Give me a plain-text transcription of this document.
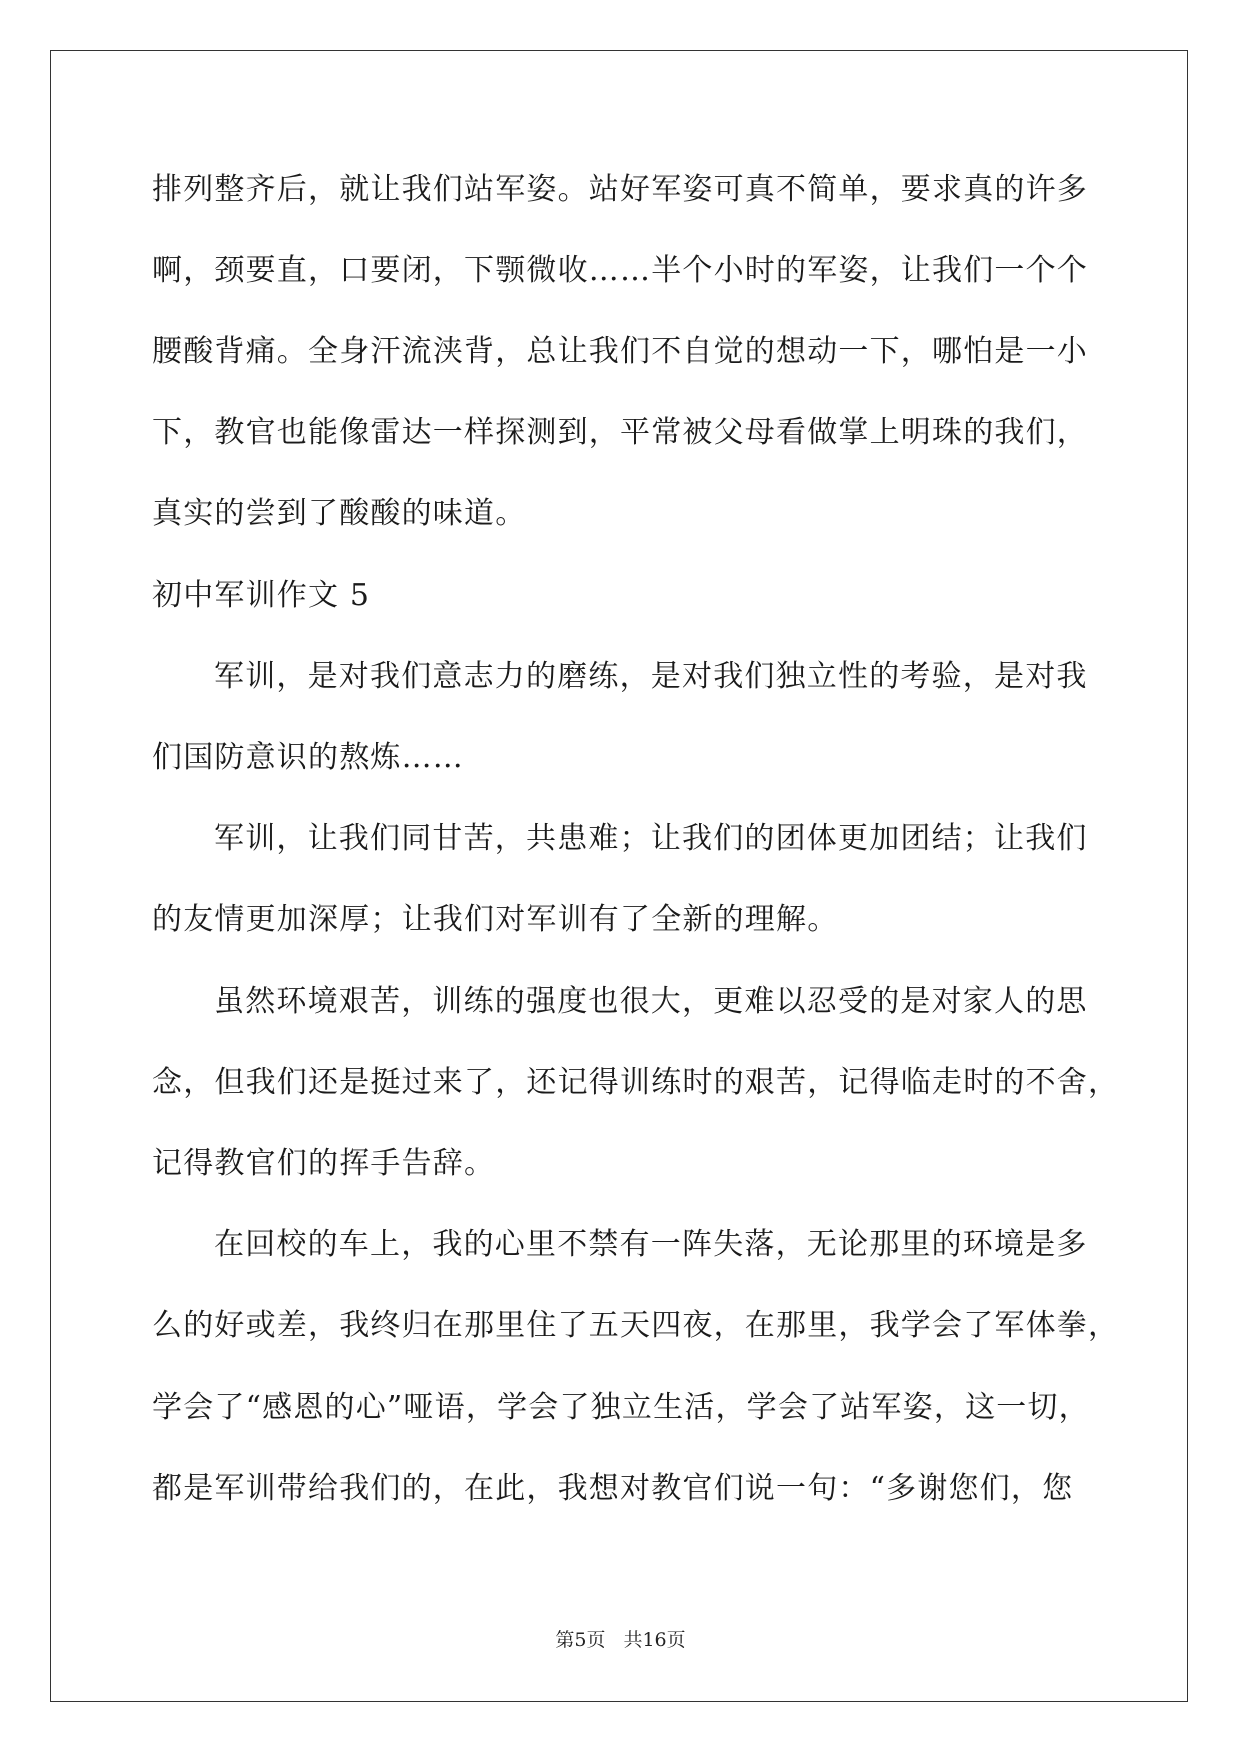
排列整齐后，就让我们站军姿。站好军姿可真不简单，要求真的许多
啊，颈要直，口要闭，下颚微收……半个小时的军姿，让我们一个个
腰酸背痛。全身汗流浃背，总让我们不自觉的想动一下，哪怕是一小
下，教官也能像雷达一样探测到，平常被父母看做掌上明珠的我们，
真实的尝到了酸酸的味道。
初中军训作文 5
军训，是对我们意志力的磨练，是对我们独立性的考验，是对我
们国防意识的熬炼……
军训，让我们同甘苦，共患难；让我们的团体更加团结；让我们
的友情更加深厚；让我们对军训有了全新的理解。
虽然环境艰苦，训练的强度也很大，更难以忍受的是对家人的思
念，但我们还是挺过来了，还记得训练时的艰苦，记得临走时的不舍，
记得教官们的挥手告辞。
在回校的车上，我的心里不禁有一阵失落，无论那里的环境是多
么的好或差，我终归在那里住了五天四夜，在那里，我学会了军体拳，
学会了“感恩的心”哑语，学会了独立生活，学会了站军姿，这一切，
都是军训带给我们的，在此，我想对教官们说一句：“多谢您们，您
第5页 共16页
